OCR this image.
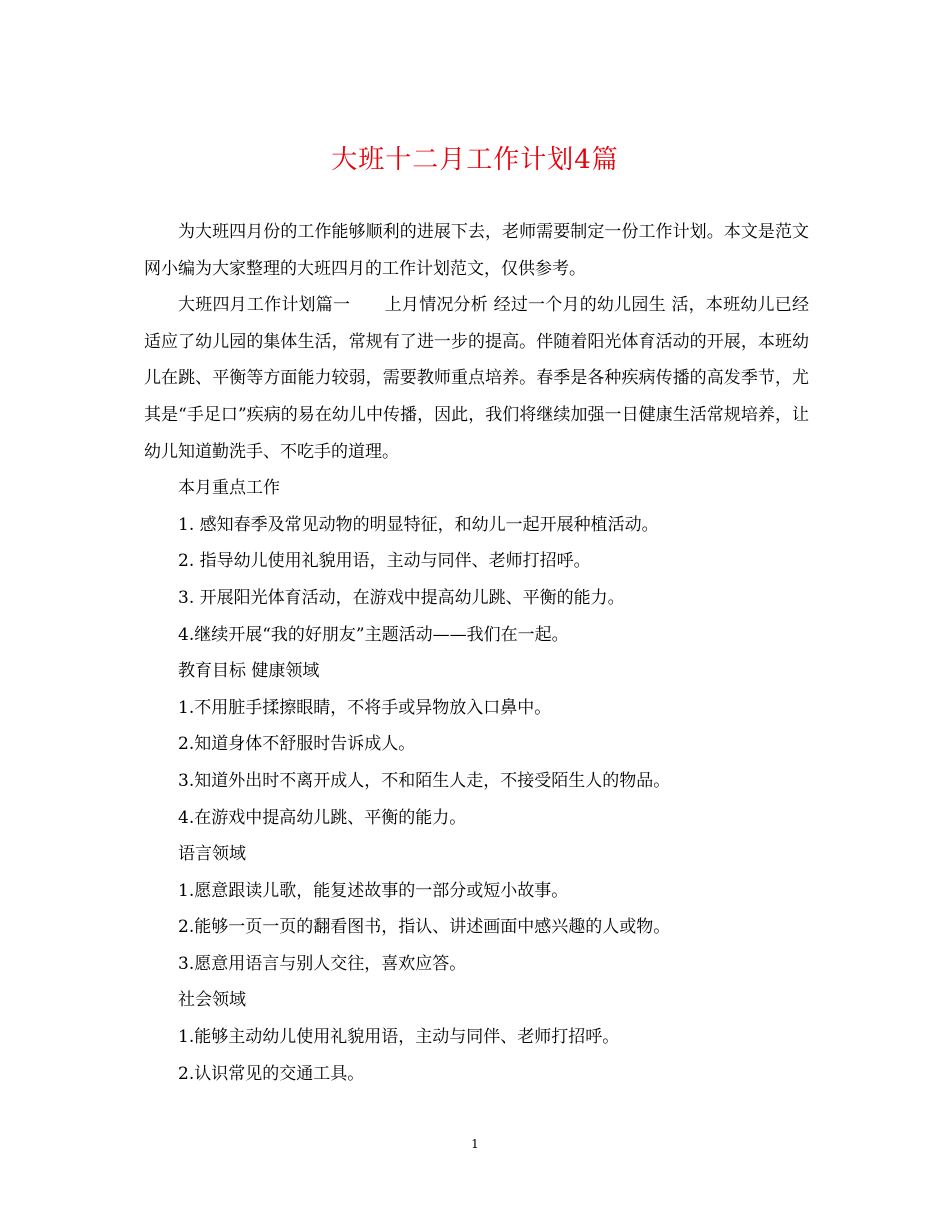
大班十二月工作计划4篇

为大班四月份的工作能够顺利的进展下去，老师需要制定一份工作计划。本文是范文网小编为大家整理的大班四月的工作计划范文，仅供参考。

大班四月工作计划篇一　　上月情况分析 经过一个月的幼儿园生 活，本班幼儿已经适应了幼儿园的集体生活，常规有了进一步的提高。伴随着阳光体育活动的开展，本班幼儿在跳、平衡等方面能力较弱，需要教师重点培养。春季是各种疾病传播的高发季节，尤其是“手足口”疾病的易在幼儿中传播，因此，我们将继续加强一日健康生活常规培养，让幼儿知道勤洗手、不吃手的道理。

本月重点工作

1. 感知春季及常见动物的明显特征，和幼儿一起开展种植活动。

2. 指导幼儿使用礼貌用语，主动与同伴、老师打招呼。

3. 开展阳光体育活动，在游戏中提高幼儿跳、平衡的能力。

4.继续开展“我的好朋友”主题活动——我们在一起。

教育目标 健康领域

1.不用脏手揉擦眼睛，不将手或异物放入口鼻中。

2.知道身体不舒服时告诉成人。

3.知道外出时不离开成人，不和陌生人走，不接受陌生人的物品。

4.在游戏中提高幼儿跳、平衡的能力。

语言领域

1.愿意跟读儿歌，能复述故事的一部分或短小故事。

2.能够一页一页的翻看图书，指认、讲述画面中感兴趣的人或物。

3.愿意用语言与别人交往，喜欢应答。

社会领域

1.能够主动幼儿使用礼貌用语，主动与同伴、老师打招呼。

2.认识常见的交通工具。

1
